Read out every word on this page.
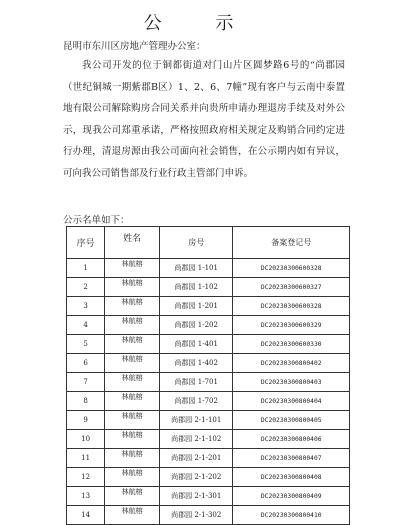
公 示

昆明市东川区房地产管理办公室：

我公司开发的位于铜都街道对门山片区圆梦路6号的“尚郡园（世纪铜城一期紫郡B区）1、2、6、7幢”现有客户与云南中泰置地有限公司解除购房合同关系并向贵所申请办理退房手续及对外公示，现我公司郑重承诺，严格按照政府相关规定及购销合同约定进行办理，清退房源由我公司面向社会销售，在公示期内如有异议，可向我公司销售部及行业行政主管部门申诉。

公示名单如下：

序号	姓名	房号	备案登记号
1	林航榕	尚郡园 1-101	DC20230300600328
2	林航榕	尚郡园 1-102	DC20230300600327
3	林航榕	尚郡园 1-201	DC20230300600328
4	林航榕	尚郡园 1-202	DC20230300600329
5	林航榕	尚郡园 1-401	DC20230300600330
6	林航榕	尚郡园 1-402	DC20230300800402
7	林航榕	尚郡园 1-701	DC20230300800403
8	林航榕	尚郡园 1-702	DC20230300800404
9	林航榕	尚郡园 2-1-101	DC20230300800405
10	林航榕	尚郡园 2-1-102	DC20230300800406
11	林航榕	尚郡园 2-1-201	DC20230300800407
12	林航榕	尚郡园 2-1-202	DC20230300800408
13	林航榕	尚郡园 2-1-301	DC20230300800409
14	林航榕	尚郡园 2-1-302	DC20230300800410
